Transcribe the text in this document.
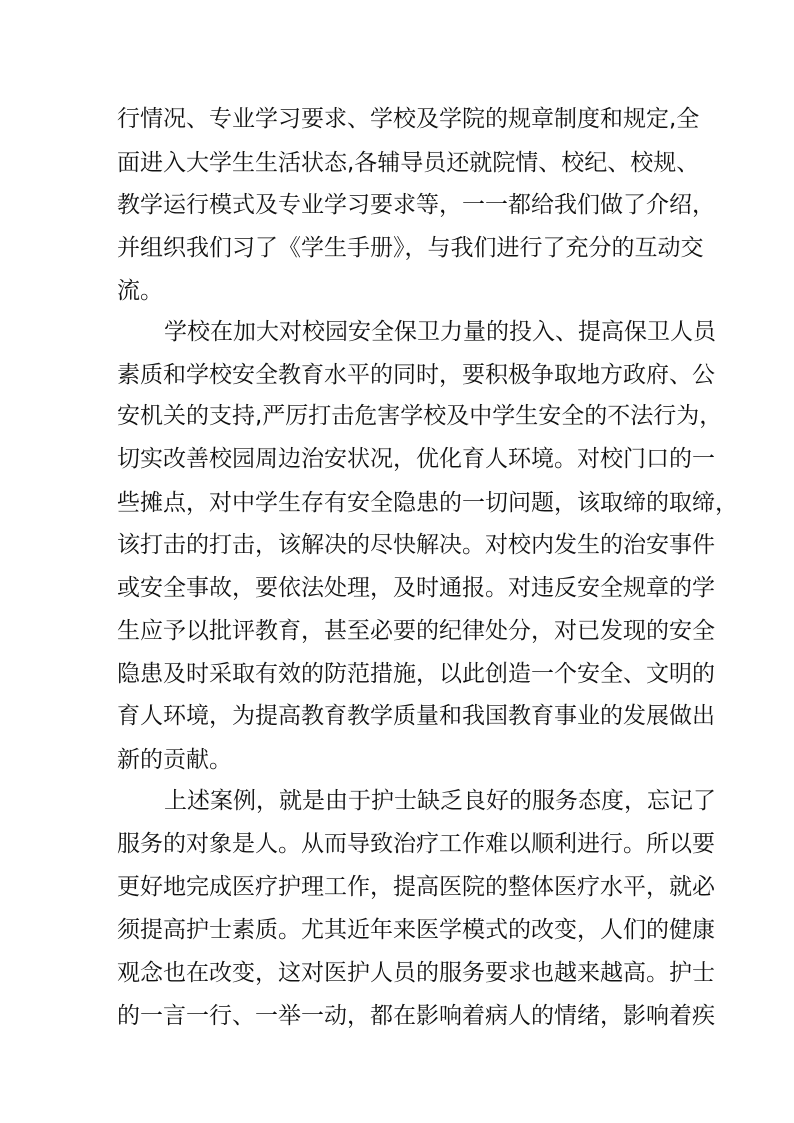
行情况、专业学习要求、学校及学院的规章制度和规定,全
面进入大学生生活状态,各辅导员还就院情、校纪、校规、
教学运行模式及专业学习要求等，一一都给我们做了介绍，
并组织我们习了《学生手册》，与我们进行了充分的互动交
流。
学校在加大对校园安全保卫力量的投入、提高保卫人员
素质和学校安全教育水平的同时，要积极争取地方政府、公
安机关的支持,严厉打击危害学校及中学生安全的不法行为，
切实改善校园周边治安状况，优化育人环境。对校门口的一
些摊点，对中学生存有安全隐患的一切问题，该取缔的取缔，
该打击的打击，该解决的尽快解决。对校内发生的治安事件
或安全事故，要依法处理，及时通报。对违反安全规章的学
生应予以批评教育，甚至必要的纪律处分，对已发现的安全
隐患及时采取有效的防范措施，以此创造一个安全、文明的
育人环境，为提高教育教学质量和我国教育事业的发展做出
新的贡献。
上述案例，就是由于护士缺乏良好的服务态度，忘记了
服务的对象是人。从而导致治疗工作难以顺利进行。所以要
更好地完成医疗护理工作，提高医院的整体医疗水平，就必
须提高护士素质。尤其近年来医学模式的改变，人们的健康
观念也在改变，这对医护人员的服务要求也越来越高。护士
的一言一行、一举一动，都在影响着病人的情绪，影响着疾
